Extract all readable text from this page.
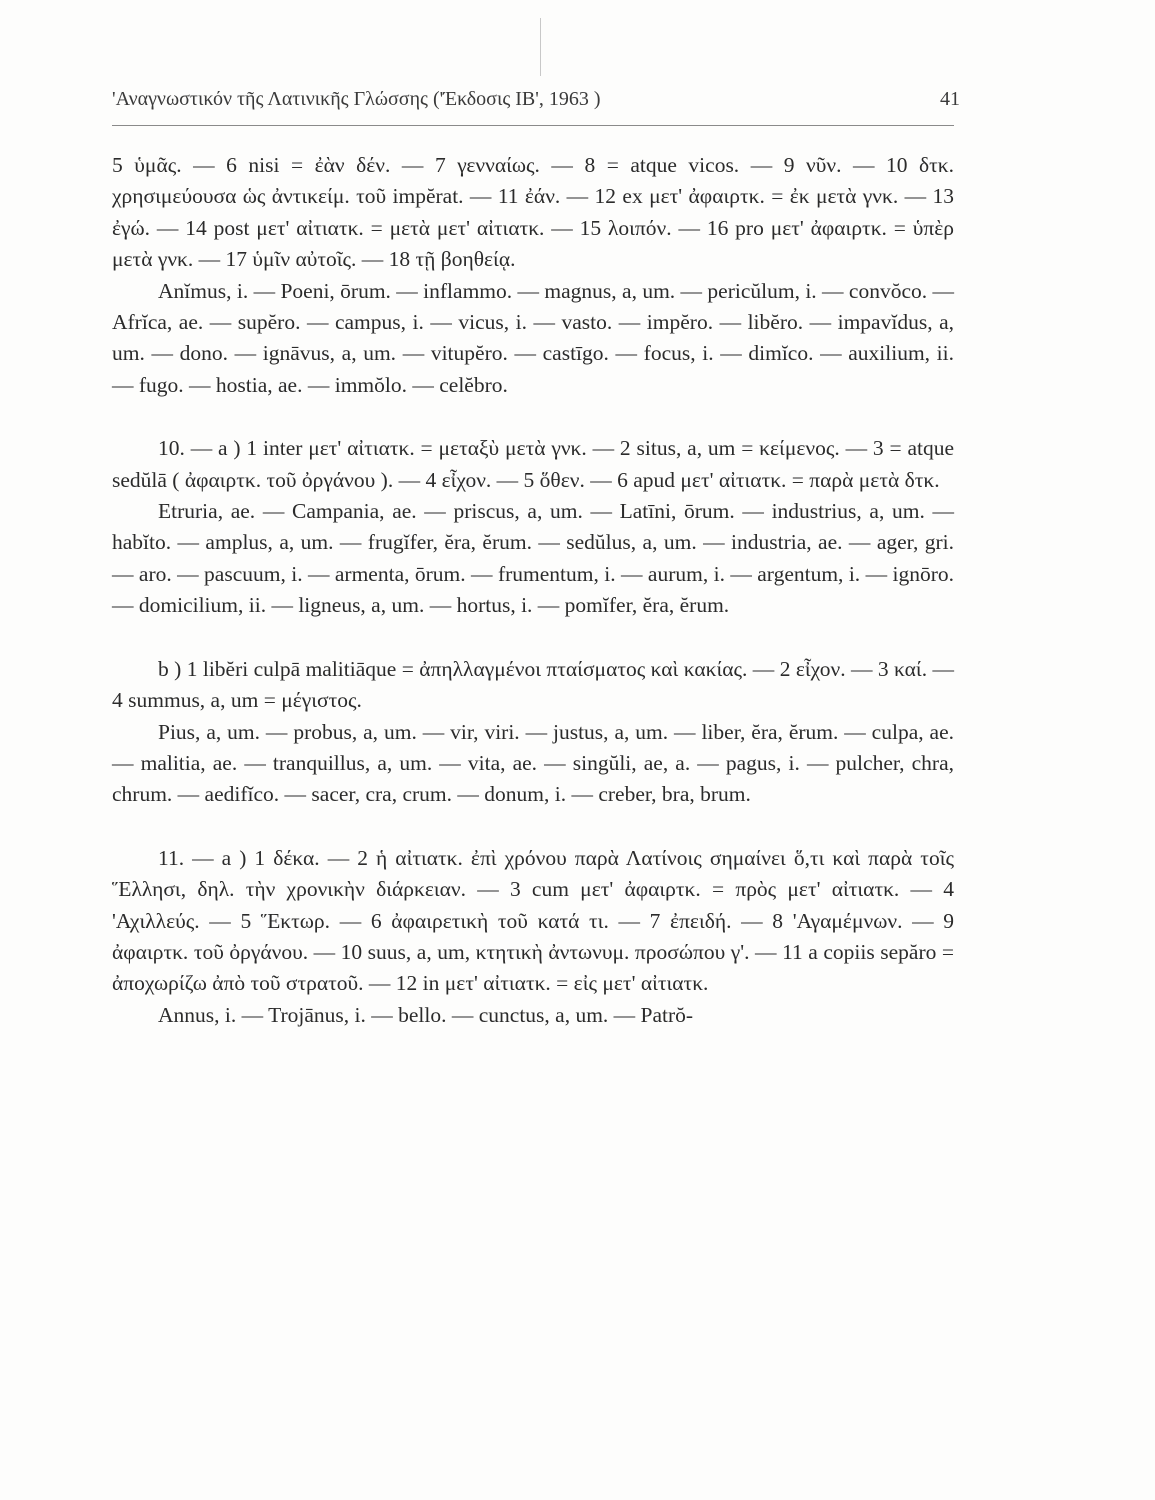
'Αναγνωστικόν τῆς Λατινικῆς Γλώσσης ('Έκδοσις ΙΒ', 1963 )	41

5 ὑμᾶς. — 6 nisi = ἐὰν δέν. — 7 γενναίως. — 8 = atque vicos. — 9 νῦν. — 10 δτκ. χρησιμεύουσα ὡς ἀντικείμ. τοῦ impĕrat. — 11 ἐάν. — 12 ex μετ' ἀφαιρτκ. = ἐκ μετὰ γνκ. — 13 ἐγώ. — 14 post μετ' αἰτιατκ. = μετὰ μετ' αἰτιατκ. — 15 λοιπόν. — 16 pro μετ' ἀφαιρτκ. = ὑπὲρ μετὰ γνκ. — 17 ὑμῖν αὐτοῖς. — 18 τῇ βοηθείᾳ.

Anĭmus, i. — Poeni, ōrum. — inflammo. — magnus, a, um. — pericŭlum, i. — convŏco. — Afrĭca, ae. — supĕro. — campus, i. — vicus, i. — vasto. — impĕro. — libĕro. — impavĭdus, a, um. — dono. — ignāvus, a, um. — vitupĕro. — castīgo. — focus, i. — dimĭco. — auxilium, ii. — fugo. — hostia, ae. — immŏlo. — celĕbro.

10. — a ) 1 inter μετ' αἰτιατκ. = μεταξὺ μετὰ γνκ. — 2 situs, a, um = κείμενος. — 3 = atque sedŭlā ( ἀφαιρτκ. τοῦ ὀργάνου ). — 4 εἶχον. — 5 ὅθεν. — 6 apud μετ' αἰτιατκ. = παρὰ μετὰ δτκ.

Etruria, ae. — Campania, ae. — priscus, a, um. — Latīni, ōrum. — industrius, a, um. — habĭto. — amplus, a, um. — frugĭfer, ĕra, ĕrum. — sedŭlus, a, um. — industria, ae. — ager, gri. — aro. — pascuum, i. — armenta, ōrum. — frumentum, i. — aurum, i. — argentum, i. — ignōro. — domicilium, ii. — ligneus, a, um. — hortus, i. — pomĭfer, ĕra, ĕrum.

b ) 1 libĕri culpā malitiāque = ἀπηλλαγμένοι πταίσματος καὶ κακίας. — 2 εἶχον. — 3 καί. — 4 summus, a, um = μέγιστος.

Pius, a, um. — probus, a, um. — vir, viri. — justus, a, um. — liber, ĕra, ĕrum. — culpa, ae. — malitia, ae. — tranquillus, a, um. — vita, ae. — singŭli, ae, a. — pagus, i. — pulcher, chra, chrum. — aedifĭco. — sacer, cra, crum. — donum, i. — creber, bra, brum.

11. — a ) 1 δέκα. — 2 ἡ αἰτιατκ. ἐπὶ χρόνου παρὰ Λατίνοις σημαίνει ὅ,τι καὶ παρὰ τοῖς Ἕλλησι, δηλ. τὴν χρονικὴν διάρκειαν. — 3 cum μετ' ἀφαιρτκ. = πρὸς μετ' αἰτιατκ. — 4 'Αχιλλεύς. — 5 Ἕκτωρ. — 6 ἀφαιρετικὴ τοῦ κατά τι. — 7 ἐπειδή. — 8 'Αγαμέμνων. — 9 ἀφαιρτκ. τοῦ ὀργάνου. — 10 suus, a, um, κτητικὴ ἀντωνυμ. προσώπου γ'. — 11 a copiis sepăro = ἀποχωρίζω ἀπὸ τοῦ στρατοῦ. — 12 in μετ' αἰτιατκ. = εἰς μετ' αἰτιατκ.

Annus, i. — Trojānus, i. — bello. — cunctus, a, um. — Patrŏ-
